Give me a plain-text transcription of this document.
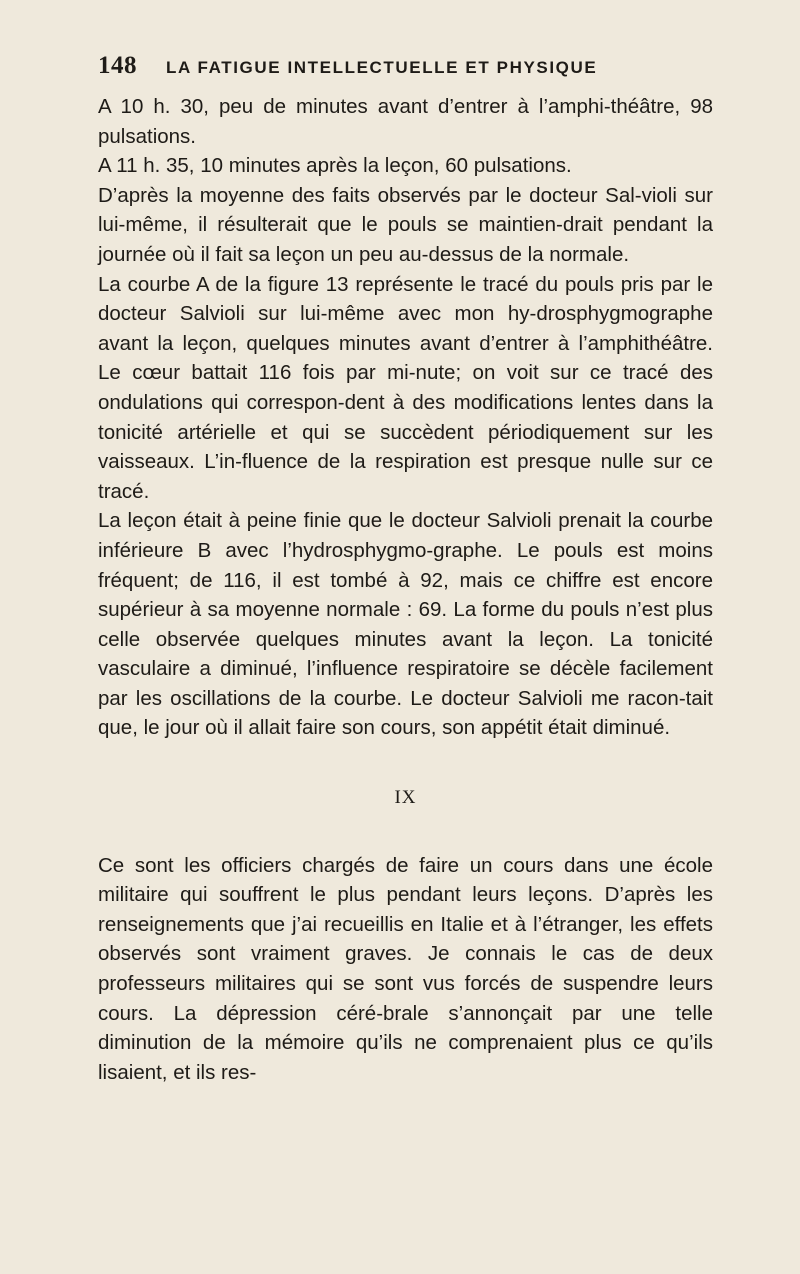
148 LA FATIGUE INTELLECTUELLE ET PHYSIQUE

A 10 h. 30, peu de minutes avant d’entrer à l’amphi-théâtre, 98 pulsations.

A 11 h. 35, 10 minutes après la leçon, 60 pulsations.

D’après la moyenne des faits observés par le docteur Sal-violi sur lui-même, il résulterait que le pouls se maintien-drait pendant la journée où il fait sa leçon un peu au-dessus de la normale.

La courbe A de la figure 13 représente le tracé du pouls pris par le docteur Salvioli sur lui-même avec mon hy-drosphygmographe avant la leçon, quelques minutes avant d’entrer à l’amphithéâtre. Le cœur battait 116 fois par mi-nute; on voit sur ce tracé des ondulations qui correspon-dent à des modifications lentes dans la tonicité artérielle et qui se succèdent périodiquement sur les vaisseaux. L’in-fluence de la respiration est presque nulle sur ce tracé.

La leçon était à peine finie que le docteur Salvioli prenait la courbe inférieure B avec l’hydrosphygmo-graphe. Le pouls est moins fréquent; de 116, il est tombé à 92, mais ce chiffre est encore supérieur à sa moyenne normale : 69. La forme du pouls n’est plus celle observée quelques minutes avant la leçon. La tonicité vasculaire a diminué, l’influence respiratoire se décèle facilement par les oscillations de la courbe. Le docteur Salvioli me racon-tait que, le jour où il allait faire son cours, son appétit était diminué.

IX

Ce sont les officiers chargés de faire un cours dans une école militaire qui souffrent le plus pendant leurs leçons. D’après les renseignements que j’ai recueillis en Italie et à l’étranger, les effets observés sont vraiment graves. Je connais le cas de deux professeurs militaires qui se sont vus forcés de suspendre leurs cours. La dépression céré-brale s’annonçait par une telle diminution de la mémoire qu’ils ne comprenaient plus ce qu’ils lisaient, et ils res-
